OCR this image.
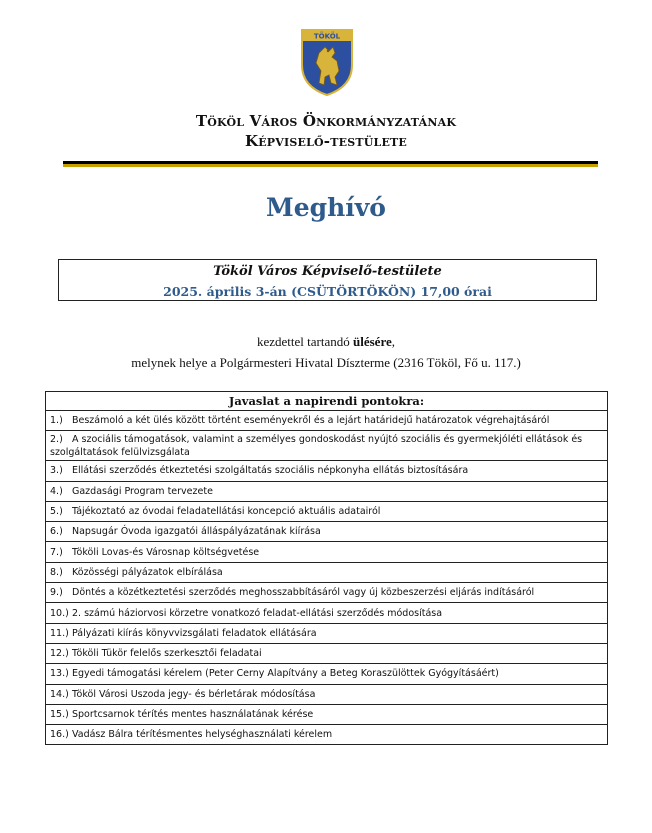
TÖKÖL
Tököl Város Önkormányzatának
Képviselő-testülete
Meghívó
Tököl Város Képviselő-testülete
2025. április 3-án (CSÜTÖRTÖKÖN) 17,00 órai
kezdettel tartandó ülésére,
melynek helye a Polgármesteri Hivatal Díszterme (2316 Tököl, Fő u. 117.)
Javaslat a napirendi pontokra:
1.) Beszámoló a két ülés között történt eseményekről és a lejárt határidejű határozatok végrehajtásáról
2.) A szociális támogatások, valamint a személyes gondoskodást nyújtó szociális és gyermekjóléti ellátások és szolgáltatások felülvizsgálata
3.) Ellátási szerződés étkeztetési szolgáltatás szociális népkonyha ellátás biztosítására
4.) Gazdasági Program tervezete
5.) Tájékoztató az óvodai feladatellátási koncepció aktuális adatairól
6.) Napsugár Óvoda igazgatói álláspályázatának kiírása
7.) Tököli Lovas-és Városnap költségvetése
8.) Közösségi pályázatok elbírálása
9.) Döntés a közétkeztetési szerződés meghosszabbításáról vagy új közbeszerzési eljárás indításáról
10.) 2. számú háziorvosi körzetre vonatkozó feladat-ellátási szerződés módosítása
11.) Pályázati kiírás könyvvizsgálati feladatok ellátására
12.) Tököli Tükör felelős szerkesztői feladatai
13.) Egyedi támogatási kérelem (Peter Cerny Alapítvány a Beteg Koraszülöttek Gyógyításáért)
14.) Tököl Városi Uszoda jegy- és bérletárak módosítása
15.) Sportcsarnok térítés mentes használatának kérése
16.) Vadász Bálra térítésmentes helységhasználati kérelem
